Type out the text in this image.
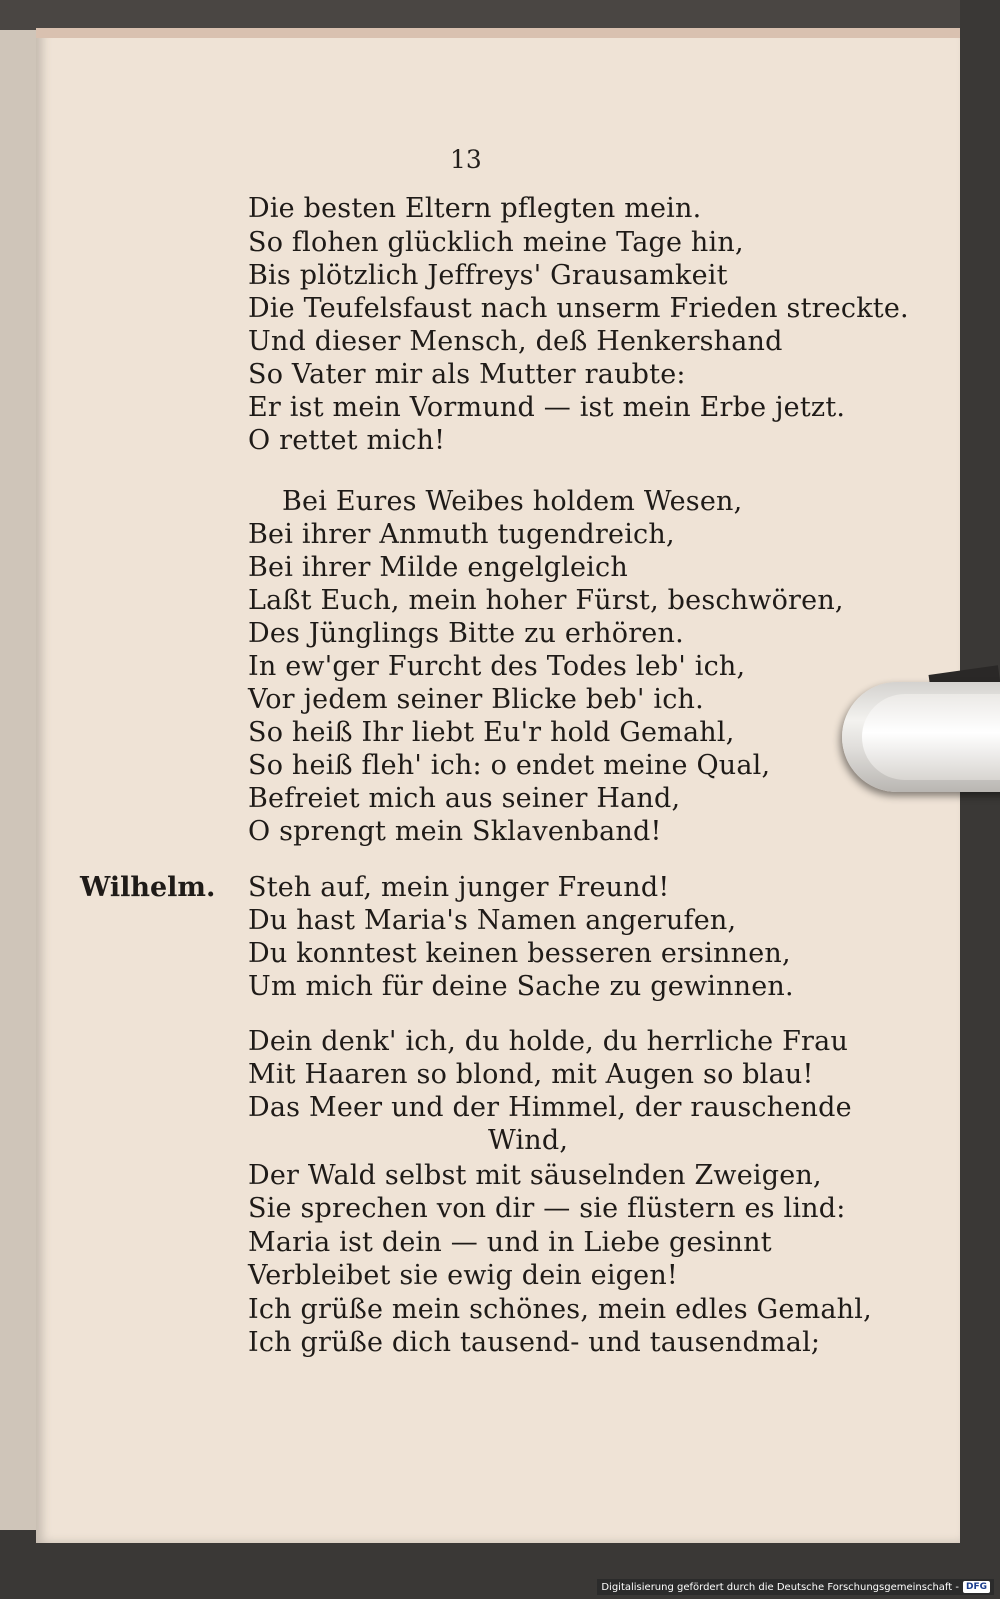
13
Die besten Eltern pflegten mein.
So flohen glücklich meine Tage hin,
Bis plötzlich Jeffreys' Grausamkeit
Die Teufelsfaust nach unserm Frieden streckte.
Und dieser Mensch, deß Henkershand
So Vater mir als Mutter raubte:
Er ist mein Vormund — ist mein Erbe jetzt.
O rettet mich!
Bei Eures Weibes holdem Wesen,
Bei ihrer Anmuth tugendreich,
Bei ihrer Milde engelgleich
Laßt Euch, mein hoher Fürst, beschwören,
Des Jünglings Bitte zu erhören.
In ew'ger Furcht des Todes leb' ich,
Vor jedem seiner Blicke beb' ich.
So heiß Ihr liebt Eu'r hold Gemahl,
So heiß fleh' ich: o endet meine Qual,
Befreiet mich aus seiner Hand,
O sprengt mein Sklavenband!
Wilhelm. Steh auf, mein junger Freund!
Du hast Maria's Namen angerufen,
Du konntest keinen besseren ersinnen,
Um mich für deine Sache zu gewinnen.
Dein denk' ich, du holde, du herrliche Frau
Mit Haaren so blond, mit Augen so blau!
Das Meer und der Himmel, der rauschende
Wind,
Der Wald selbst mit säuselnden Zweigen,
Sie sprechen von dir — sie flüstern es lind:
Maria ist dein — und in Liebe gesinnt
Verbleibet sie ewig dein eigen!
Ich grüße mein schönes, mein edles Gemahl,
Ich grüße dich tausend- und tausendmal;
Digitalisierung gefördert durch die Deutsche Forschungsgemeinschaft - DFG
